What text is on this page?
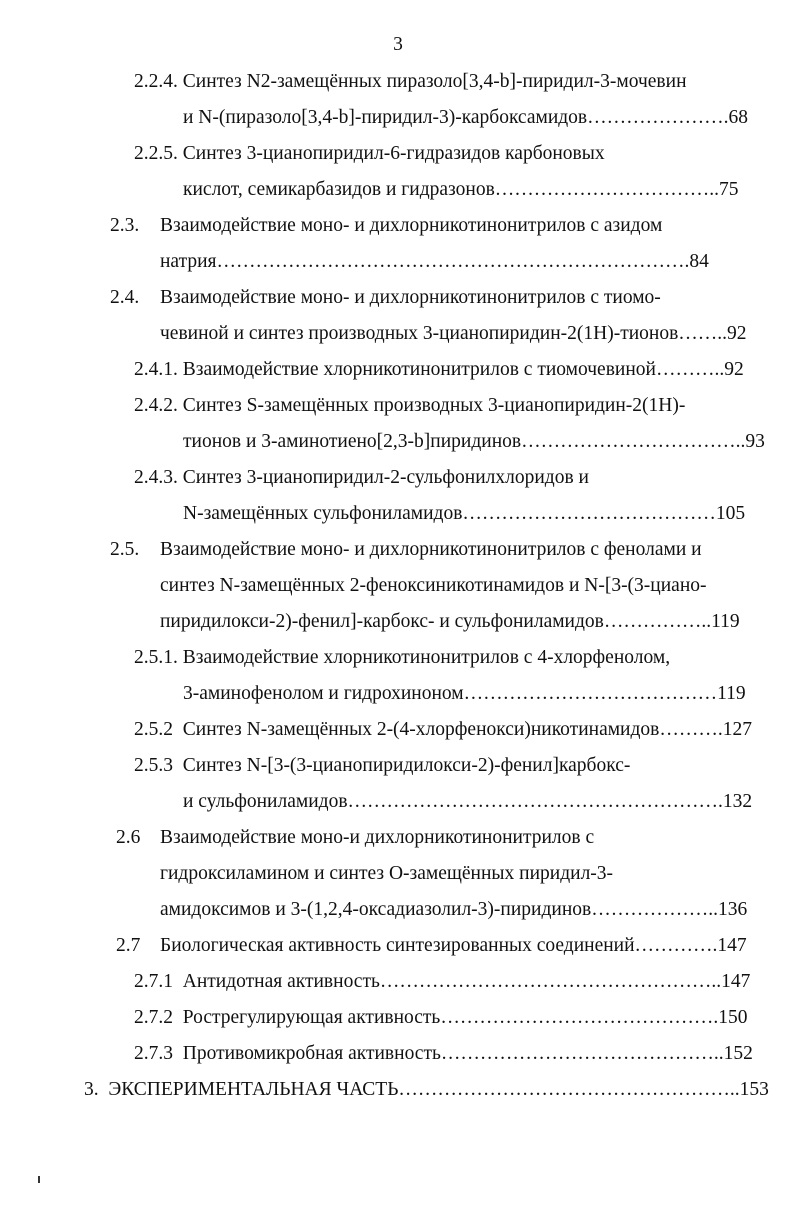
3
2.2.4. Синтез N2-замещённых пиразоло[3,4-b]-пиридил-3-мочевин
и N-(пиразоло[3,4-b]-пиридил-3)-карбоксамидов………………….68
2.2.5. Синтез 3-цианопиридил-6-гидразидов карбоновых
кислот, семикарбазидов и гидразонов……………………………..75
2.3. Взаимодействие моно- и дихлорникотинонитрилов с азидом
натрия……………………………………………………………….84
2.4. Взаимодействие моно- и дихлорникотинонитрилов с тиомо-
чевиной и синтез производных 3-цианопиридин-2(1Н)-тионов……..92
2.4.1. Взаимодействие хлорникотинонитрилов с тиомочевиной………..92
2.4.2. Синтез S-замещённых производных 3-цианопиридин-2(1Н)-
тионов и 3-аминотиено[2,3-b]пиридинов……………………………..93
2.4.3. Синтез 3-цианопиридил-2-сульфонилхлоридов и
N-замещённых сульфониламидов…………………………………105
2.5. Взаимодействие моно- и дихлорникотинонитрилов с фенолами и
синтез N-замещённых 2-феноксиникотинамидов и N-[3-(3-циано-
пиридилокси-2)-фенил]-карбокс- и сульфониламидов……………..119
2.5.1. Взаимодействие хлорникотинонитрилов с 4-хлорфенолом,
3-аминофенолом и гидрохиноном…………………………………119
2.5.2  Синтез N-замещённых 2-(4-хлорфенокси)никотинамидов……….127
2.5.3  Синтез N-[3-(3-цианопиридилокси-2)-фенил]карбокс-
и сульфониламидов………………………………………………….132
2.6 Взаимодействие моно-и дихлорникотинонитрилов с
гидроксиламином и синтез О-замещённых пиридил-3-
амидоксимов и 3-(1,2,4-оксадиазолил-3)-пиридинов………………..136
2.7 Биологическая активность синтезированных соединений………….147
2.7.1  Антидотная активность……………………………………………..147
2.7.2  Рострегулирующая активность…………………………………….150
2.7.3  Противомикробная активность……………………………………..152
3.  ЭКСПЕРИМЕНТАЛЬНАЯ ЧАСТЬ……………………………………………..153
